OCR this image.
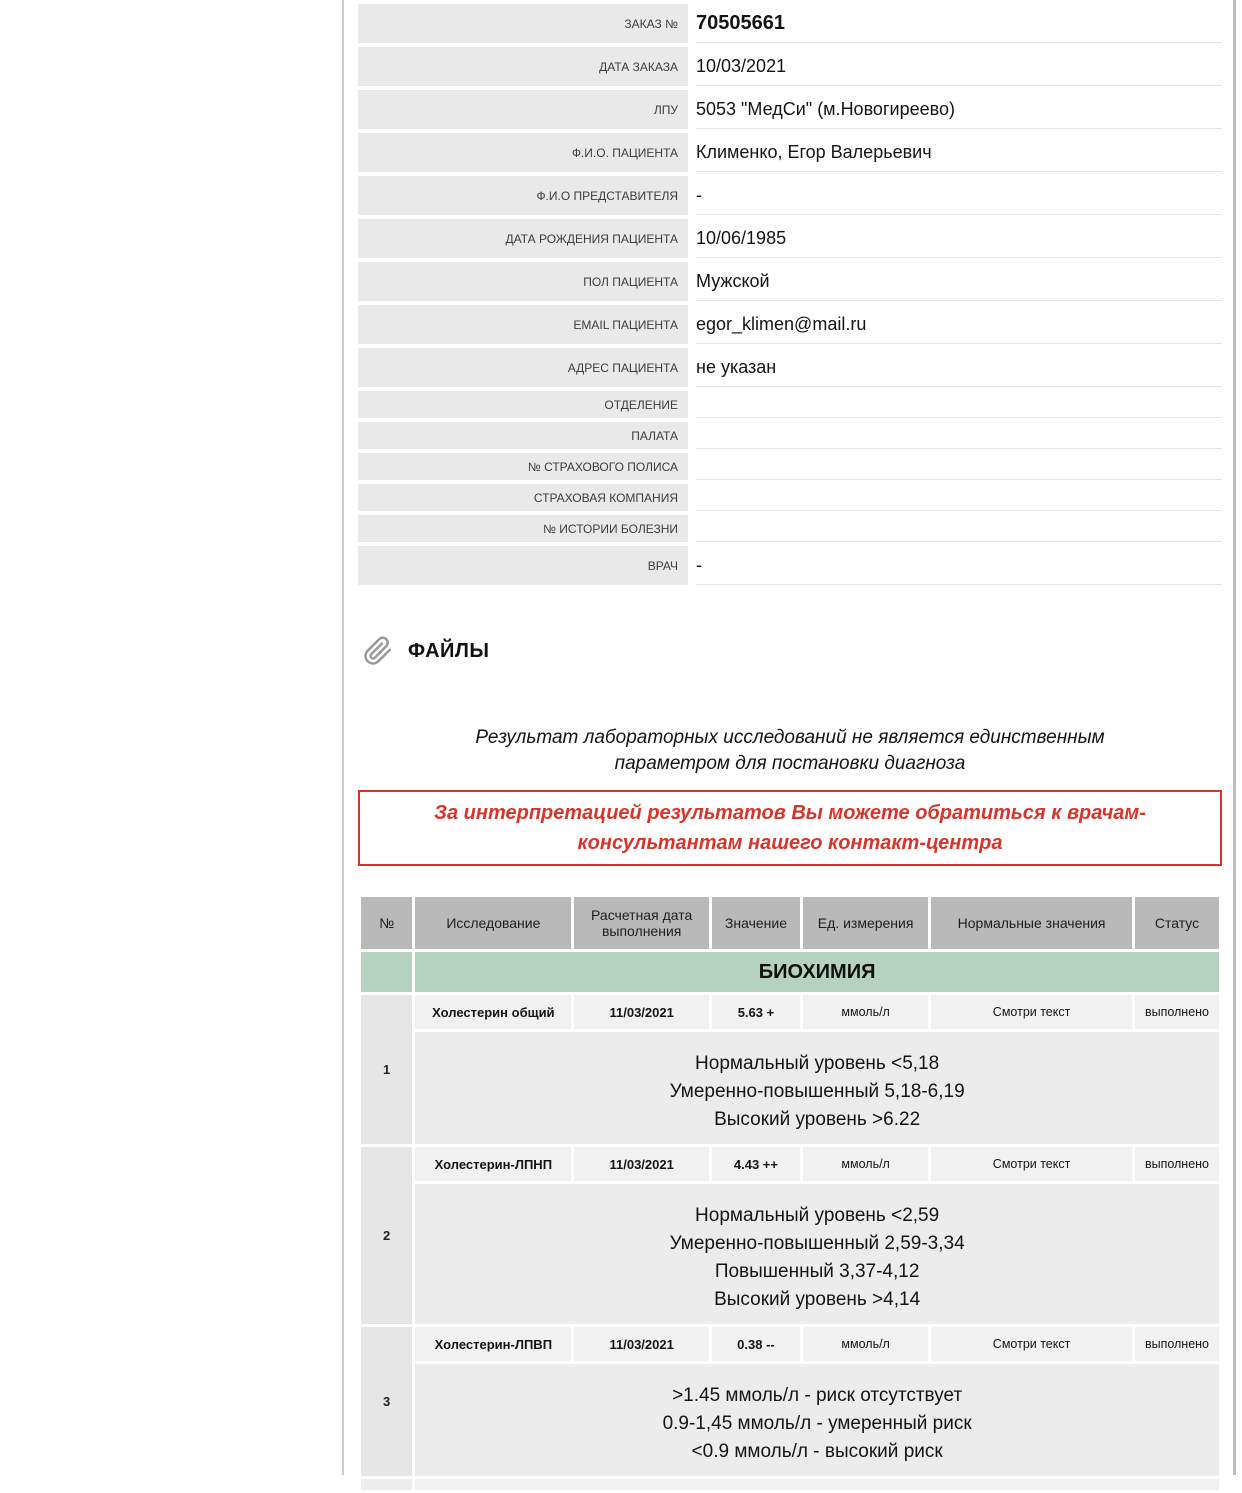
ЗАКАЗ № 70505661
ДАТА ЗАКАЗА	10/03/2021
ЛПУ	5053 "МедСи" (м.Новогиреево)
Ф.И.О. ПАЦИЕНТА	Клименко, Егор Валерьевич
Ф.И.О ПРЕДСТАВИТЕЛЯ	-
ДАТА РОЖДЕНИЯ ПАЦИЕНТА	10/06/1985
ПОЛ ПАЦИЕНТА	Мужской
EMAIL ПАЦИЕНТА	egor_klimen@mail.ru
АДРЕС ПАЦИЕНТА	не указан
ОТДЕЛЕНИЕ
ПАЛАТА
№ СТРАХОВОГО ПОЛИСА
СТРАХОВАЯ КОМПАНИЯ
№ ИСТОРИИ БОЛЕЗНИ
ВРАЧ	-
ФАЙЛЫ
Результат лабораторных исследований не является единственным
параметром для постановки диагноза
За интерпретацией результатов Вы можете обратиться к врачам-
консультантам нашего контакт-центра
№	Исследование	Расчетная дата выполнения	Значение	Ед. измерения	Нормальные значения	Статус
	БИОХИМИЯ					
1	Холестерин общий	11/03/2021	5.63 +	ммоль/л	Смотри текст	выполнено

	Нормальный уровень <5,18
Умеренно-повышенный 5,18-6,19
Высокий уровень >6.22					

2	Холестерин-ЛПНП	11/03/2021	4.43 ++	ммоль/л	Смотри текст	выполнено

	Нормальный уровень <2,59
Умеренно-повышенный 2,59-3,34
Повышенный 3,37-4,12
Высокий уровень >4,14					

3	Холестерин-ЛПВП	11/03/2021	0.38 --	ммоль/л	Смотри текст	выполнено

	>1.45 ммоль/л - риск отсутствует
0.9-1,45 ммоль/л - умеренный риск
<0.9 ммоль/л - высокий риск					
